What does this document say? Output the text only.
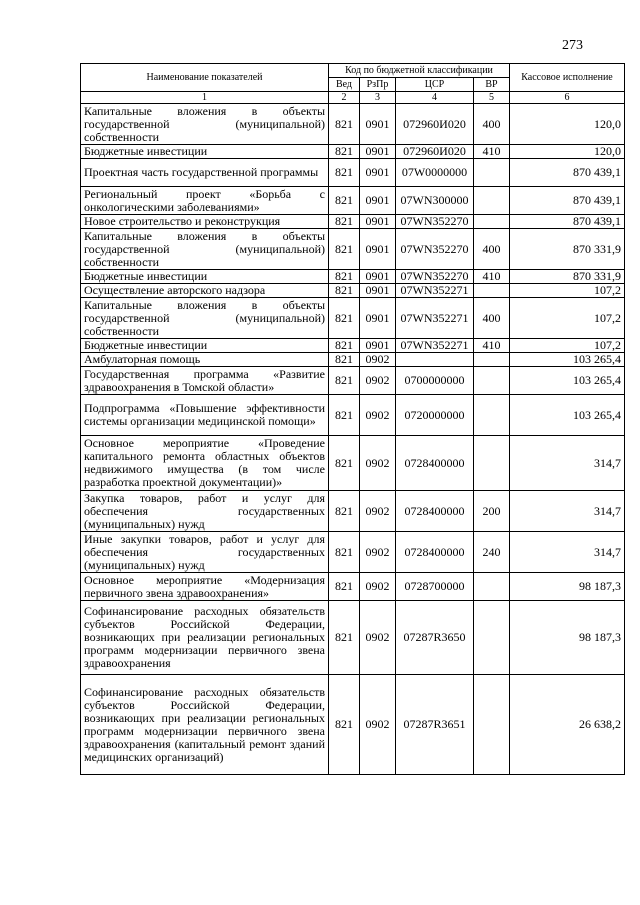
273
Наименование показателей	Код по бюджетной классификации				Кассовое исполнение
	Вед	РзПр	ЦСР	ВР	
1	2	3	4	5	6
Капитальные вложения в объекты государственной (муниципальной) собственности	821	0901	072960И020	400	120,0
Бюджетные инвестиции	821	0901	072960И020	410	120,0
Проектная часть государственной программы	821	0901	07W0000000		870 439,1
Региональный проект «Борьба с онкологическими заболеваниями»	821	0901	07WN300000		870 439,1
Новое строительство и реконструкция	821	0901	07WN352270		870 439,1
Капитальные вложения в объекты государственной (муниципальной) собственности	821	0901	07WN352270	400	870 331,9
Бюджетные инвестиции	821	0901	07WN352270	410	870 331,9
Осуществление авторского надзора	821	0901	07WN352271		107,2
Капитальные вложения в объекты государственной (муниципальной) собственности	821	0901	07WN352271	400	107,2
Бюджетные инвестиции	821	0901	07WN352271	410	107,2
Амбулаторная помощь	821	0902			103 265,4
Государственная программа «Развитие здравоохранения в Томской области»	821	0902	0700000000		103 265,4
Подпрограмма «Повышение эффективности системы организации медицинской помощи»	821	0902	0720000000		103 265,4
Основное мероприятие «Проведение капитального ремонта областных объектов недвижимого имущества (в том числе разработка проектной документации)»	821	0902	0728400000		314,7
Закупка товаров, работ и услуг для обеспечения государственных (муниципальных) нужд	821	0902	0728400000	200	314,7
Иные закупки товаров, работ и услуг для обеспечения государственных (муниципальных) нужд	821	0902	0728400000	240	314,7
Основное мероприятие «Модернизация первичного звена здравоохранения»	821	0902	0728700000		98 187,3
Софинансирование расходных обязательств субъектов Российской Федерации, возникающих при реализации региональных программ модернизации первичного звена здравоохранения	821	0902	07287R3650		98 187,3
Софинансирование расходных обязательств субъектов Российской Федерации, возникающих при реализации региональных программ модернизации первичного звена здравоохранения (капитальный ремонт зданий медицинских организаций)	821	0902	07287R3651		26 638,2
